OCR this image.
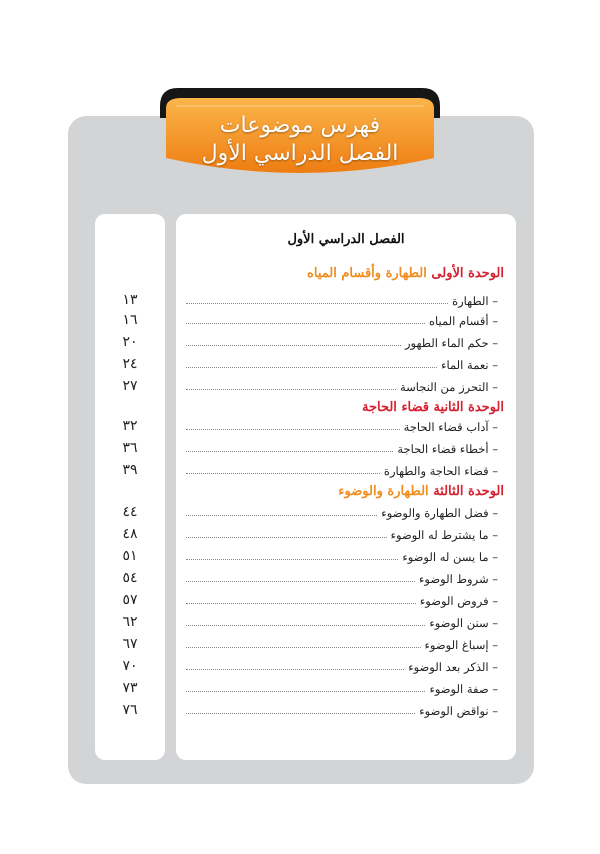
فهرس موضوعات
الفصل الدراسي الأول
١٣
١٦
٢٠
٢٤
٢٧
٣٢
٣٦
٣٩
٤٤
٤٨
٥١
٥٤
٥٧
٦٢
٦٧
٧٠
٧٣
٧٦
الفصل الدراسي الأول
الوحدة الأولى الطهارة وأقسام المياه
– الطهارة
– أقسام المياه
– حكم الماء الطهور
– نعمة الماء
– التحرز من النجاسة
الوحدة الثانية قضاء الحاجة
– آداب قضاء الحاجة
– أخطاء قضاء الحاجة
– قضاء الحاجة والطهارة
الوحدة الثالثة الطهارة والوضوء
– فضل الطهارة والوضوء
– ما يشترط له الوضوء
– ما يسن له الوضوء
– شروط الوضوء
– فروض الوضوء
– سنن الوضوء
– إسباغ الوضوء
– الذكر بعد الوضوء
– صفة الوضوء
– نواقض الوضوء
